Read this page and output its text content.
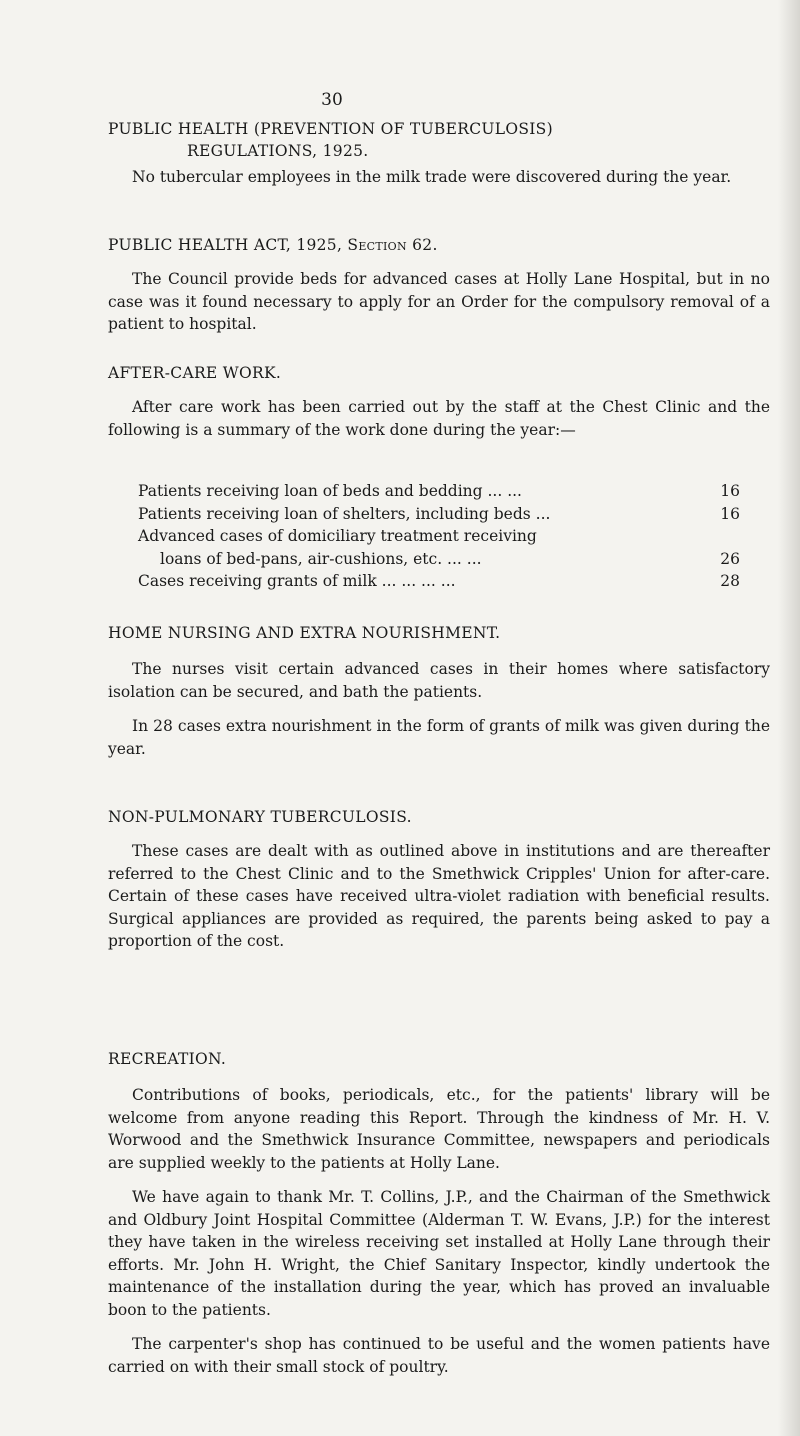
30

PUBLIC HEALTH (PREVENTION OF TUBERCULOSIS)

REGULATIONS, 1925.

No tubercular employees in the milk trade were discovered during the year.

PUBLIC HEALTH ACT, 1925, Section 62.

The Council provide beds for advanced cases at Holly Lane Hospital, but in no case was it found necessary to apply for an Order for the compulsory removal of a patient to hospital.

AFTER-CARE WORK.

After care work has been carried out by the staff at the Chest Clinic and the following is a summary of the work done during the year:—

Patients receiving loan of beds and bedding ... ...	16
Patients receiving loan of shelters, including beds ...	16
Advanced cases of domiciliary treatment receiving
loans of bed-pans, air-cushions, etc. ... ...	26
Cases receiving grants of milk ... ... ... ...	28

HOME NURSING AND EXTRA NOURISHMENT.

The nurses visit certain advanced cases in their homes where satisfactory isolation can be secured, and bath the patients.

In 28 cases extra nourishment in the form of grants of milk was given during the year.

NON-PULMONARY TUBERCULOSIS.

These cases are dealt with as outlined above in institutions and are thereafter referred to the Chest Clinic and to the Smethwick Cripples' Union for after-care. Certain of these cases have received ultra-violet radiation with beneficial results. Surgical appliances are provided as required, the parents being asked to pay a proportion of the cost.

RECREATION.

Contributions of books, periodicals, etc., for the patients' library will be welcome from anyone reading this Report. Through the kindness of Mr. H. V. Worwood and the Smethwick Insurance Committee, newspapers and periodicals are supplied weekly to the patients at Holly Lane.

We have again to thank Mr. T. Collins, J.P., and the Chairman of the Smethwick and Oldbury Joint Hospital Committee (Alderman T. W. Evans, J.P.) for the interest they have taken in the wireless receiving set installed at Holly Lane through their efforts. Mr. John H. Wright, the Chief Sanitary Inspector, kindly undertook the maintenance of the installation during the year, which has proved an invaluable boon to the patients.

The carpenter's shop has continued to be useful and the women patients have carried on with their small stock of poultry.
